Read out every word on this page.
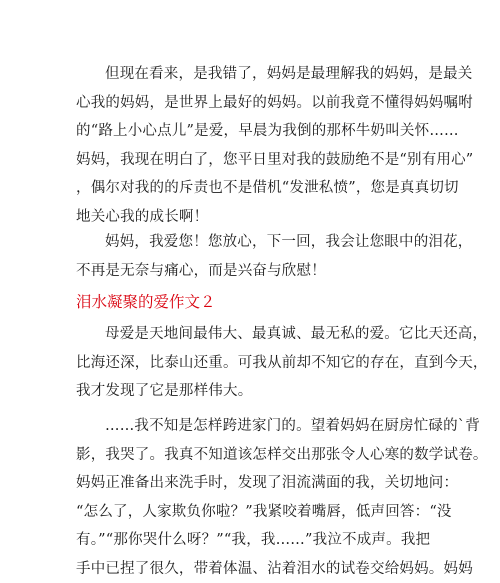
但现在看来，是我错了，妈妈是最理解我的妈妈，是最关
心我的妈妈，是世界上最好的妈妈。以前我竟不懂得妈妈嘱咐
的“路上小心点儿”是爱，早晨为我倒的那杯牛奶叫关怀……
妈妈，我现在明白了，您平日里对我的鼓励绝不是“别有用心”
，偶尔对我的的斥责也不是借机“发泄私愤”，您是真真切切
地关心我的成长啊！
妈妈，我爱您！您放心，下一回，我会让您眼中的泪花，
不再是无奈与痛心，而是兴奋与欣慰！
泪水凝聚的爱作文２
母爱是天地间最伟大、最真诚、最无私的爱。它比天还高，
比海还深，比泰山还重。可我从前却不知它的存在，直到今天，
我才发现了它是那样伟大。
……我不知是怎样跨进家门的。望着妈妈在厨房忙碌的`背
影，我哭了。我真不知道该怎样交出那张令人心寒的数学试卷。
妈妈正准备出来洗手时，发现了泪流满面的我，关切地问：
“怎么了，人家欺负你啦？”我紧咬着嘴唇，低声回答：“没
有。”“那你哭什么呀？”“我，我……”我泣不成声。我把
手中已捏了很久，带着体温、沾着泪水的试卷交给妈妈。妈妈
